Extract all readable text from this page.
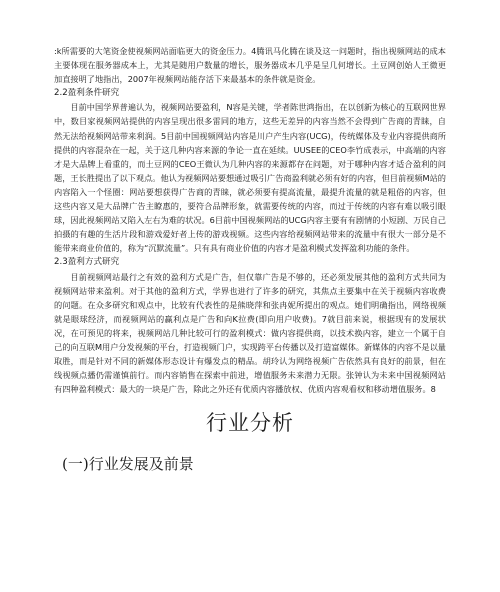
:k所需要的大笔资金使视频网站面临更大的资金压力。4腾讯马化腾在谈及这一问题时，指出视频网站的成本主要体现在服务器成本上，尤其是随用户数量的增长，服务器成本几乎是呈几何增长。土豆网创始人王微更加直接明了地指出，2007年视频网站能存活下来最基本的条件就是资金。

2.2盈利条件研究

目前中国学界普遍认为，视频网站要盈利，N容是关键，学者陈世鸿指出，在以创新为核心的互联网世界中，数目家视频网站提供的内容呈现出很多雷同的地方，这些无差异的内容当然不会得到广告商的青睐，自然无法给视频网站带来利润。5目前中国视频网站内容是川户产生内容(UCG)，传统媒体及专业内容提供商所提供的内容混杂在一起，关于这几种内容来源的争论一直在延续。UUSEE的CEO李竹成表示，中高端的内容才是大品牌上看重的，而土豆网的CEO王微认为几种内容的来源都存在问题，对于哪种内容才适合盈利的问题，王长胜提出了以下观点。他认为视频网站要想通过吸引广告商盈利就必须有好的内容，但目前视频M站的内容陷入一个怪圈：网站要想获得广告商的青睐，就必须要有提高流量，最提升流量的就是粗俗的内容，但这些内容又是大品牌广告主瞭惠的，要符合品牌形象，就需要传统的内容，而过于传统的内容有难以吸引眼球，因此视频网站又陷入左右为难的状况。6目前中国视频网站的UCG内容主要有有剧情的小短剧、万民自己拍摄的有趣的生活片段和游戏爱好者上传的游戏视频。这些内容给视频网站带来的流量中有很大一部分是不能带来商业价值的，称为“沉默流量”。只有具有商业价值的内容才是盈利模式发挥盈利功能的条件。

2.3盈利方式研究

目前视频网站最行之有效的盈利方式是广告，但仅靠广告是不够的，还必须发展其他的盈利方式共同为视频网站带来盈利。对于其他的盈利方式，学界也进行了许多的研究，其焦点主要集中在关于视频内容收费的问题。在众多研究和观点中，比较有代表性的是熊晓萍和张冉妮所提出的观点。她们明确指出，网络视频就是眼球经济，而视频网站的赢利点是广告和向K拉费(即向用户收费)。7就目前来说，根据现有的发展状况，在可预见的将来，视频网站几种比较可行的盈利模式：做内容提供商，以技术换内容，建立一个属于自己的向互联M用户分发视频的平台，打造视频门户，实现跨平台传播以及打造富媒体。新媒体的内容不是以量取胜，而是针对不同的新媒体形态设计有爆发点的精品。胡玲认为网络视频广告依然具有良好的前景，但在线视频点播仍需谨慎前行。而内容销售在探索中前进，增值服务未来潜力无限。张钟认为未来中国视频网站有四种盈利模式：最大的一块是广告，除此之外还有优质内容播放权、优质内容观看权和移动增值服务。8

行业分析
(一)行业发展及前景
